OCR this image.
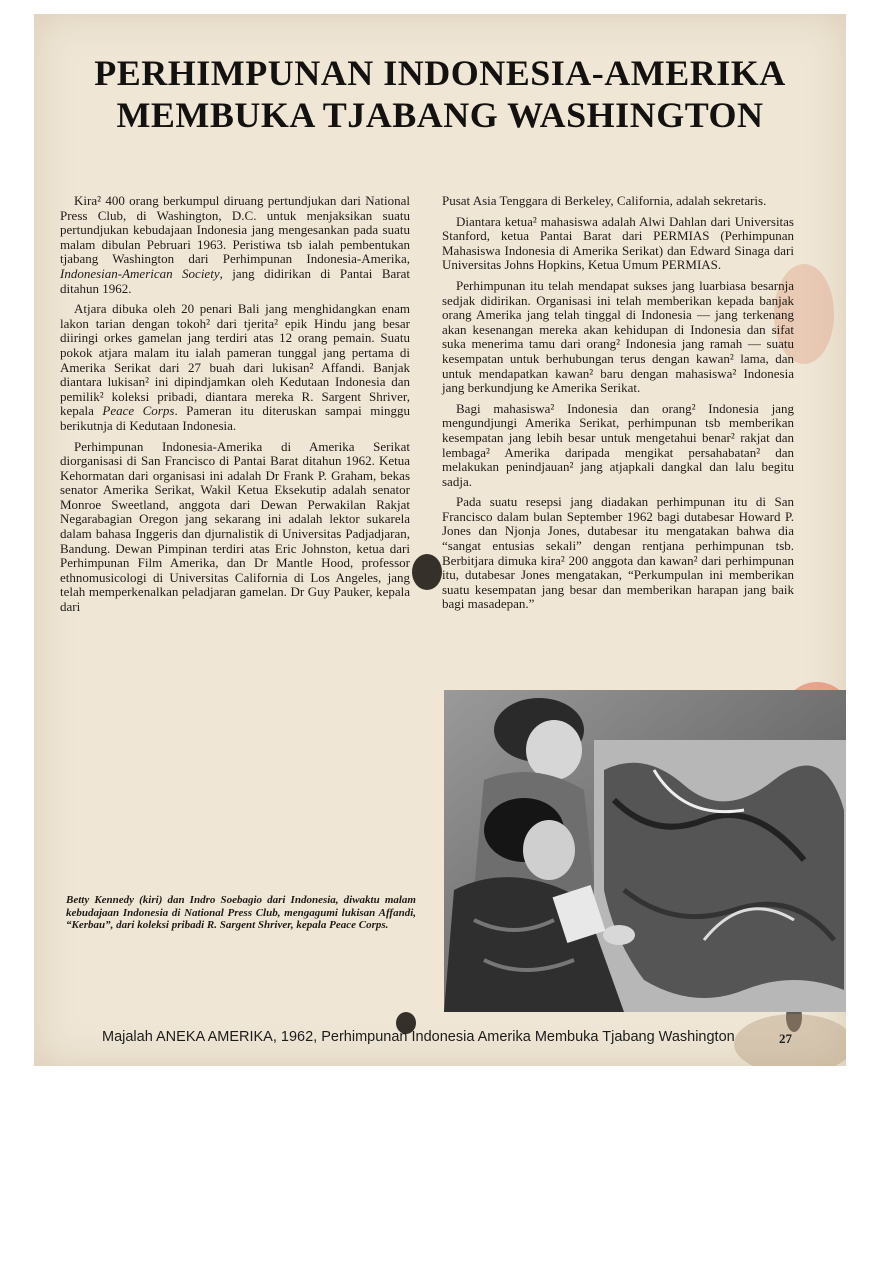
PERHIMPUNAN INDONESIA-AMERIKA
MEMBUKA TJABANG WASHINGTON

Kira² 400 orang berkumpul diruang pertundjukan dari National Press Club, di Washington, D.C. untuk menjaksikan suatu pertundjukan kebudajaan Indonesia jang mengesankan pada suatu malam dibulan Pebruari 1963. Peristiwa tsb ialah pembentukan tjabang Washington dari Perhimpunan Indonesia-Amerika, Indonesian-American Society, jang didirikan di Pantai Barat ditahun 1962.

Atjara dibuka oleh 20 penari Bali jang menghidangkan enam lakon tarian dengan tokoh² dari tjerita² epik Hindu jang besar diiringi orkes gamelan jang terdiri atas 12 orang pemain. Suatu pokok atjara malam itu ialah pameran tunggal jang pertama di Amerika Serikat dari 27 buah dari lukisan² Affandi. Banjak diantara lukisan² ini dipindjamkan oleh Kedutaan Indonesia dan pemilik² koleksi pribadi, diantara mereka R. Sargent Shriver, kepala Peace Corps. Pameran itu diteruskan sampai minggu berikutnja di Kedutaan Indonesia.

Perhimpunan Indonesia-Amerika di Amerika Serikat diorganisasi di San Francisco di Pantai Barat ditahun 1962. Ketua Kehormatan dari organisasi ini adalah Dr Frank P. Graham, bekas senator Amerika Serikat, Wakil Ketua Eksekutip adalah senator Monroe Sweetland, anggota dari Dewan Perwakilan Rakjat Negarabagian Oregon jang sekarang ini adalah lektor sukarela dalam bahasa Inggeris dan djurnalistik di Universitas Padjadjaran, Bandung. Dewan Pimpinan terdiri atas Eric Johnston, ketua dari Perhimpunan Film Amerika, dan Dr Mantle Hood, professor ethnomusicologi di Universitas California di Los Angeles, jang telah memperkenalkan peladjaran gamelan. Dr Guy Pauker, kepala dari

Pusat Asia Tenggara di Berkeley, California, adalah sekretaris.

Diantara ketua² mahasiswa adalah Alwi Dahlan dari Universitas Stanford, ketua Pantai Barat dari PERMIAS (Perhimpunan Mahasiswa Indonesia di Amerika Serikat) dan Edward Sinaga dari Universitas Johns Hopkins, Ketua Umum PERMIAS.

Perhimpunan itu telah mendapat sukses jang luarbiasa besarnja sedjak didirikan. Organisasi ini telah memberikan kepada banjak orang Amerika jang telah tinggal di Indonesia — jang terkenang akan kesenangan mereka akan kehidupan di Indonesia dan sifat suka menerima tamu dari orang² Indonesia jang ramah — suatu kesempatan untuk berhubungan terus dengan kawan² lama, dan untuk mendapatkan kawan² baru dengan mahasiswa² Indonesia jang berkundjung ke Amerika Serikat.

Bagi mahasiswa² Indonesia dan orang² Indonesia jang mengundjungi Amerika Serikat, perhimpunan tsb memberikan kesempatan jang lebih besar untuk mengetahui benar² rakjat dan lembaga² Amerika daripada mengikat persahabatan² dan melakukan penindjauan² jang atjapkali dangkal dan lalu begitu sadja.

Pada suatu resepsi jang diadakan perhimpunan itu di San Francisco dalam bulan September 1962 bagi dutabesar Howard P. Jones dan Njonja Jones, dutabesar itu mengatakan bahwa dia “sangat entusias sekali” dengan rentjana perhimpunan tsb. Berbitjara dimuka kira² 200 anggota dan kawan² dari perhimpunan itu, dutabesar Jones mengatakan, “Perkumpulan ini memberikan suatu kesempatan jang besar dan memberikan harapan jang baik bagi masadepan.”

Betty Kennedy (kiri) dan Indro Soebagio dari Indonesia, diwaktu malam kebudajaan Indonesia di National Press Club, mengagumi lukisan Affandi, “Kerbau”, dari koleksi pribadi R. Sargent Shriver, kepala Peace Corps.
Majalah ANEKA AMERIKA, 1962, Perhimpunan Indonesia Amerika Membuka Tjabang Washington	27
